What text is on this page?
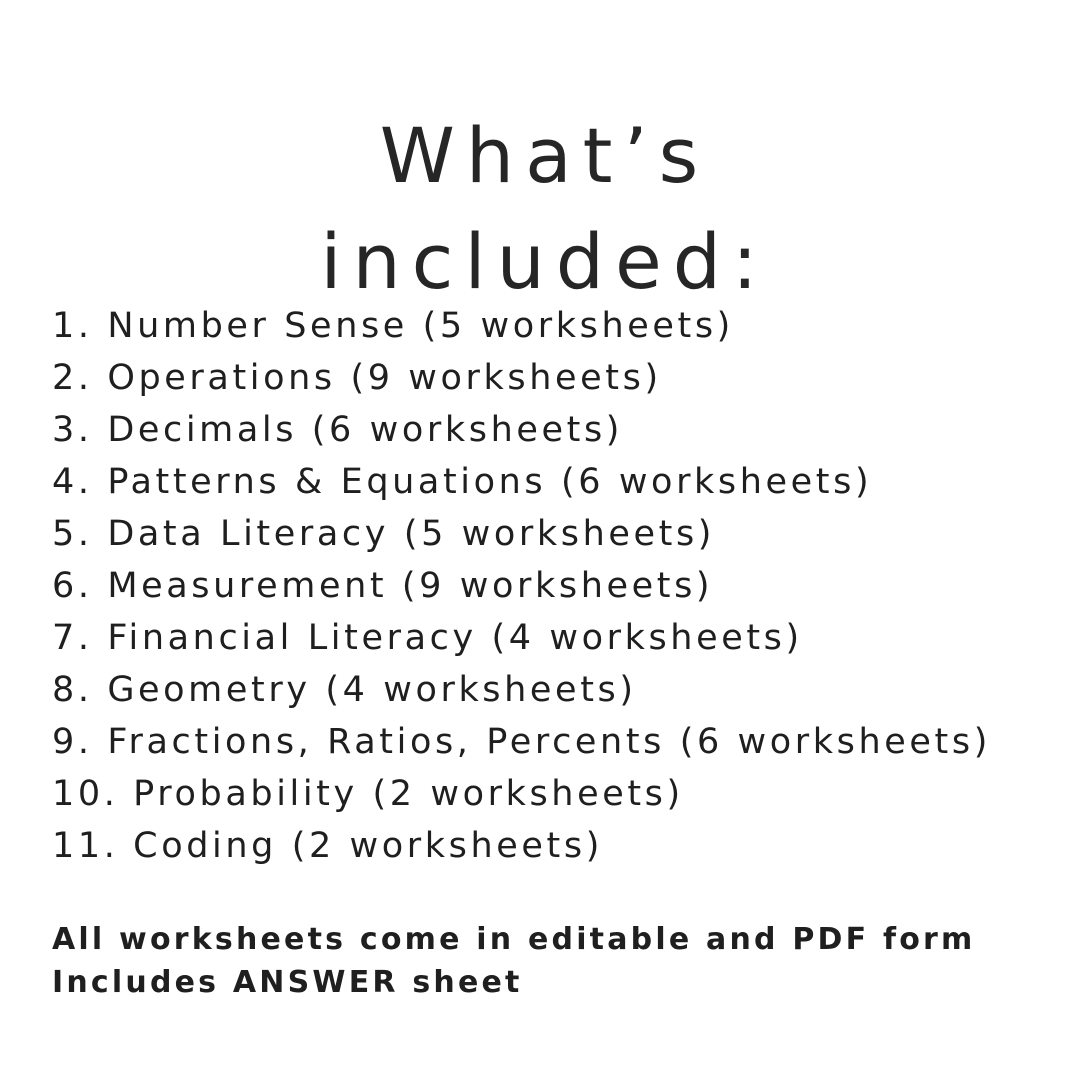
What’s
included:
1. Number Sense (5 worksheets)
2. Operations (9 worksheets)
3. Decimals (6 worksheets)
4. Patterns & Equations (6 worksheets)
5. Data Literacy (5 worksheets)
6. Measurement (9 worksheets)
7. Financial Literacy (4 worksheets)
8. Geometry (4 worksheets)
9. Fractions, Ratios, Percents (6 worksheets)
10. Probability (2 worksheets)
11. Coding (2 worksheets)
All worksheets come in editable and PDF form
Includes ANSWER sheet
